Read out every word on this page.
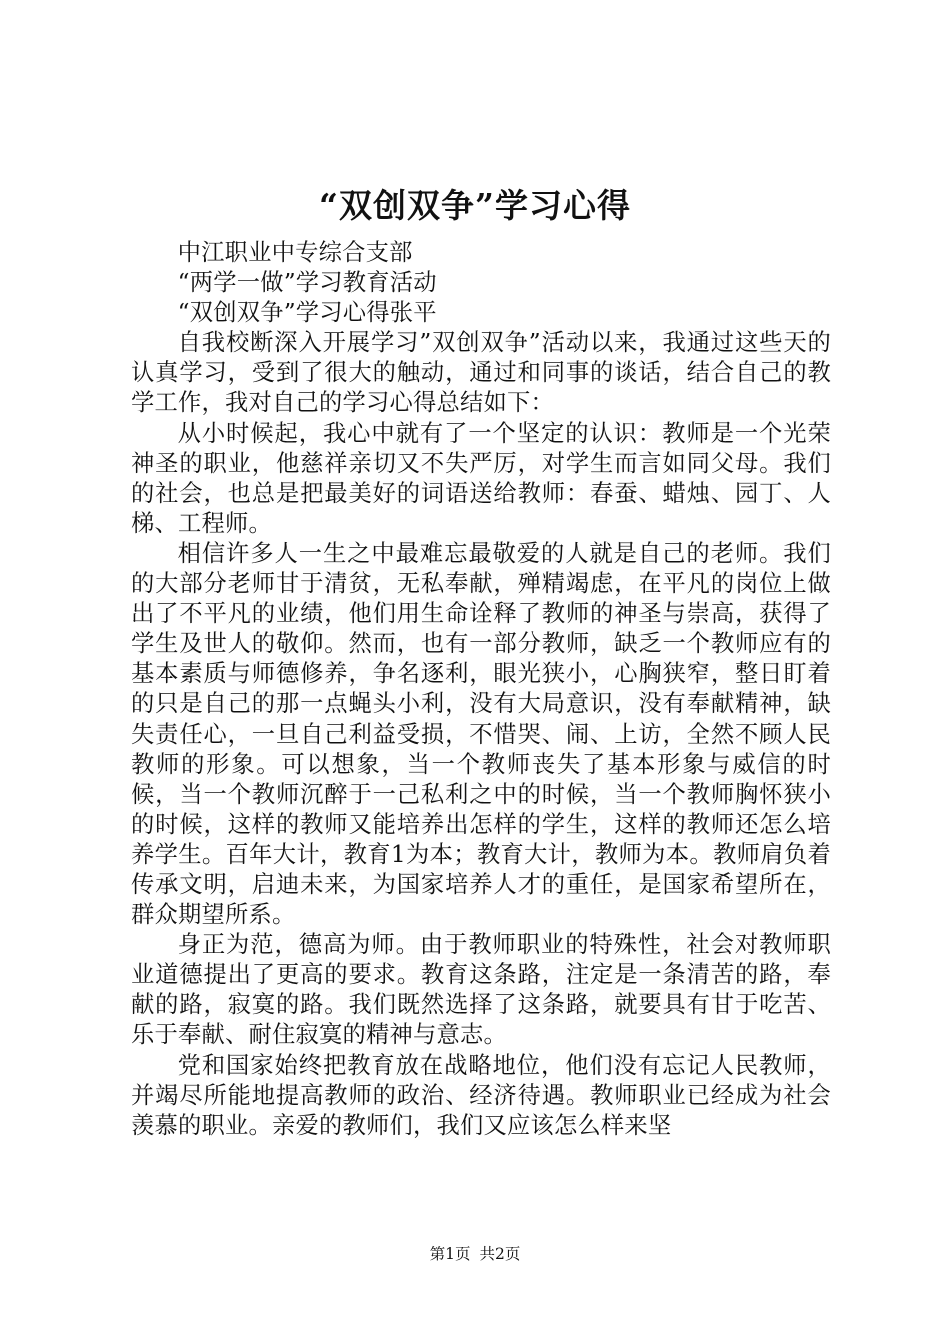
“双创双争”学习心得

中江职业中专综合支部

“两学一做”学习教育活动

“双创双争”学习心得张平

自我校断深入开展学习”双创双争”活动以来，我通过这些天的认真学习，受到了很大的触动，通过和同事的谈话，结合自己的教学工作，我对自己的学习心得总结如下：

从小时候起，我心中就有了一个坚定的认识：教师是一个光荣神圣的职业，他慈祥亲切又不失严厉，对学生而言如同父母。我们的社会，也总是把最美好的词语送给教师：春蚕、蜡烛、园丁、人梯、工程师。

相信许多人一生之中最难忘最敬爱的人就是自己的老师。我们的大部分老师甘于清贫，无私奉献，殚精竭虑，在平凡的岗位上做出了不平凡的业绩，他们用生命诠释了教师的神圣与崇高，获得了学生及世人的敬仰。然而，也有一部分教师，缺乏一个教师应有的基本素质与师德修养，争名逐利，眼光狭小，心胸狭窄，整日盯着的只是自己的那一点蝇头小利，没有大局意识，没有奉献精神，缺失责任心，一旦自己利益受损，不惜哭、闹、上访，全然不顾人民教师的形象。可以想象，当一个教师丧失了基本形象与威信的时候，当一个教师沉醉于一己私利之中的时候，当一个教师胸怀狭小的时候，这样的教师又能培养出怎样的学生，这样的教师还怎么培养学生。百年大计，教育1为本；教育大计，教师为本。教师肩负着传承文明，启迪未来，为国家培养人才的重任，是国家希望所在，群众期望所系。

身正为范，德高为师。由于教师职业的特殊性，社会对教师职业道德提出了更高的要求。教育这条路，注定是一条清苦的路，奉献的路，寂寞的路。我们既然选择了这条路，就要具有甘于吃苦、乐于奉献、耐住寂寞的精神与意志。

党和国家始终把教育放在战略地位，他们没有忘记人民教师，并竭尽所能地提高教师的政治、经济待遇。教师职业已经成为社会羡慕的职业。亲爱的教师们，我们又应该怎么样来坚

第1页 共2页
